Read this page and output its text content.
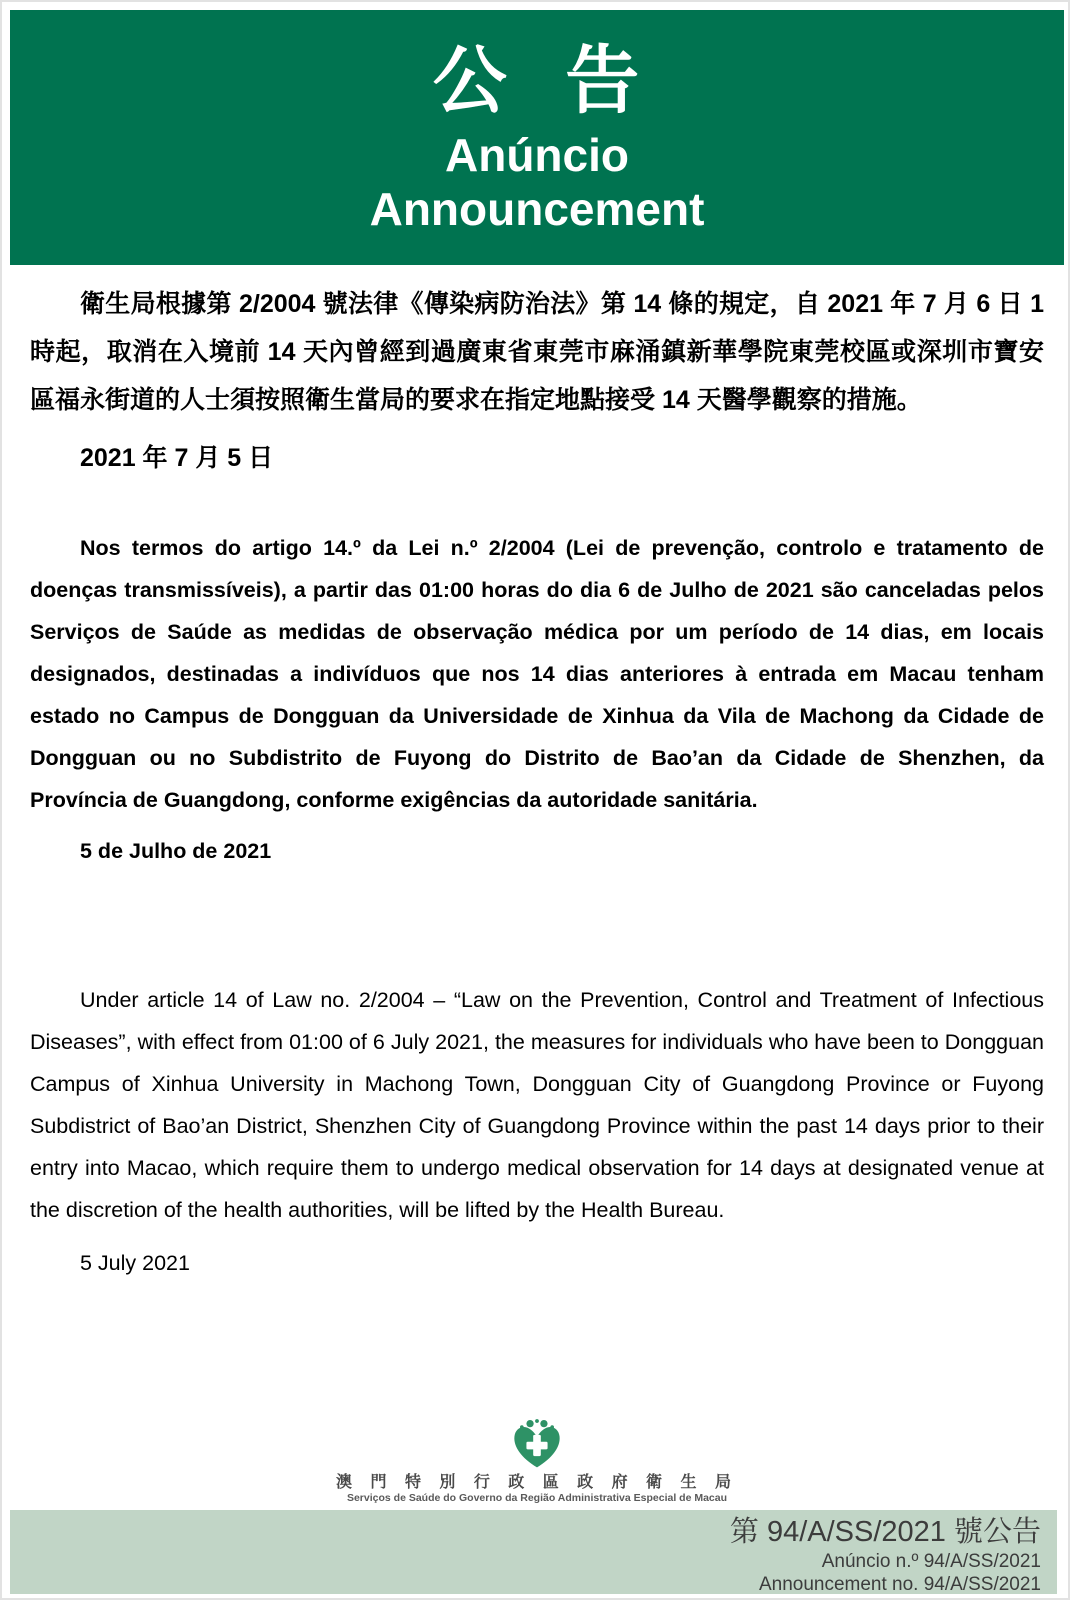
公 告
Anúncio
Announcement

衛生局根據第 2/2004 號法律《傳染病防治法》第 14 條的規定，自 2021 年 7 月 6 日 1 時起，取消在入境前 14 天內曾經到過廣東省東莞市麻涌鎮新華學院東莞校區或深圳市寶安區福永街道的人士須按照衛生當局的要求在指定地點接受 14 天醫學觀察的措施。

2021 年 7 月 5 日

Nos termos do artigo 14.º da Lei n.º 2/2004 (Lei de prevenção, controlo e tratamento de doenças transmissíveis), a partir das 01:00 horas do dia 6 de Julho de 2021 são canceladas pelos Serviços de Saúde as medidas de observação médica por um período de 14 dias, em locais designados, destinadas a indivíduos que nos 14 dias anteriores à entrada em Macau tenham estado no Campus de Dongguan da Universidade de Xinhua da Vila de Machong da Cidade de Dongguan ou no Subdistrito de Fuyong do Distrito de Bao’an da Cidade de Shenzhen, da Província de Guangdong, conforme exigências da autoridade sanitária.

5 de Julho de 2021

Under article 14 of Law no. 2/2004 – “Law on the Prevention, Control and Treatment of Infectious Diseases”, with effect from 01:00 of 6 July 2021, the measures for individuals who have been to Dongguan Campus of Xinhua University in Machong Town, Dongguan City of Guangdong Province or Fuyong Subdistrict of Bao’an District, Shenzhen City of Guangdong Province within the past 14 days prior to their entry into Macao, which require them to undergo medical observation for 14 days at designated venue at the discretion of the health authorities, will be lifted by the Health Bureau.

5 July 2021
澳 門 特 別 行 政 區 政 府 衛 生 局
Serviços de Saúde do Governo da Região Administrativa Especial de Macau
第 94/A/SS/2021 號公告
Anúncio n.º 94/A/SS/2021
Announcement no. 94/A/SS/2021
